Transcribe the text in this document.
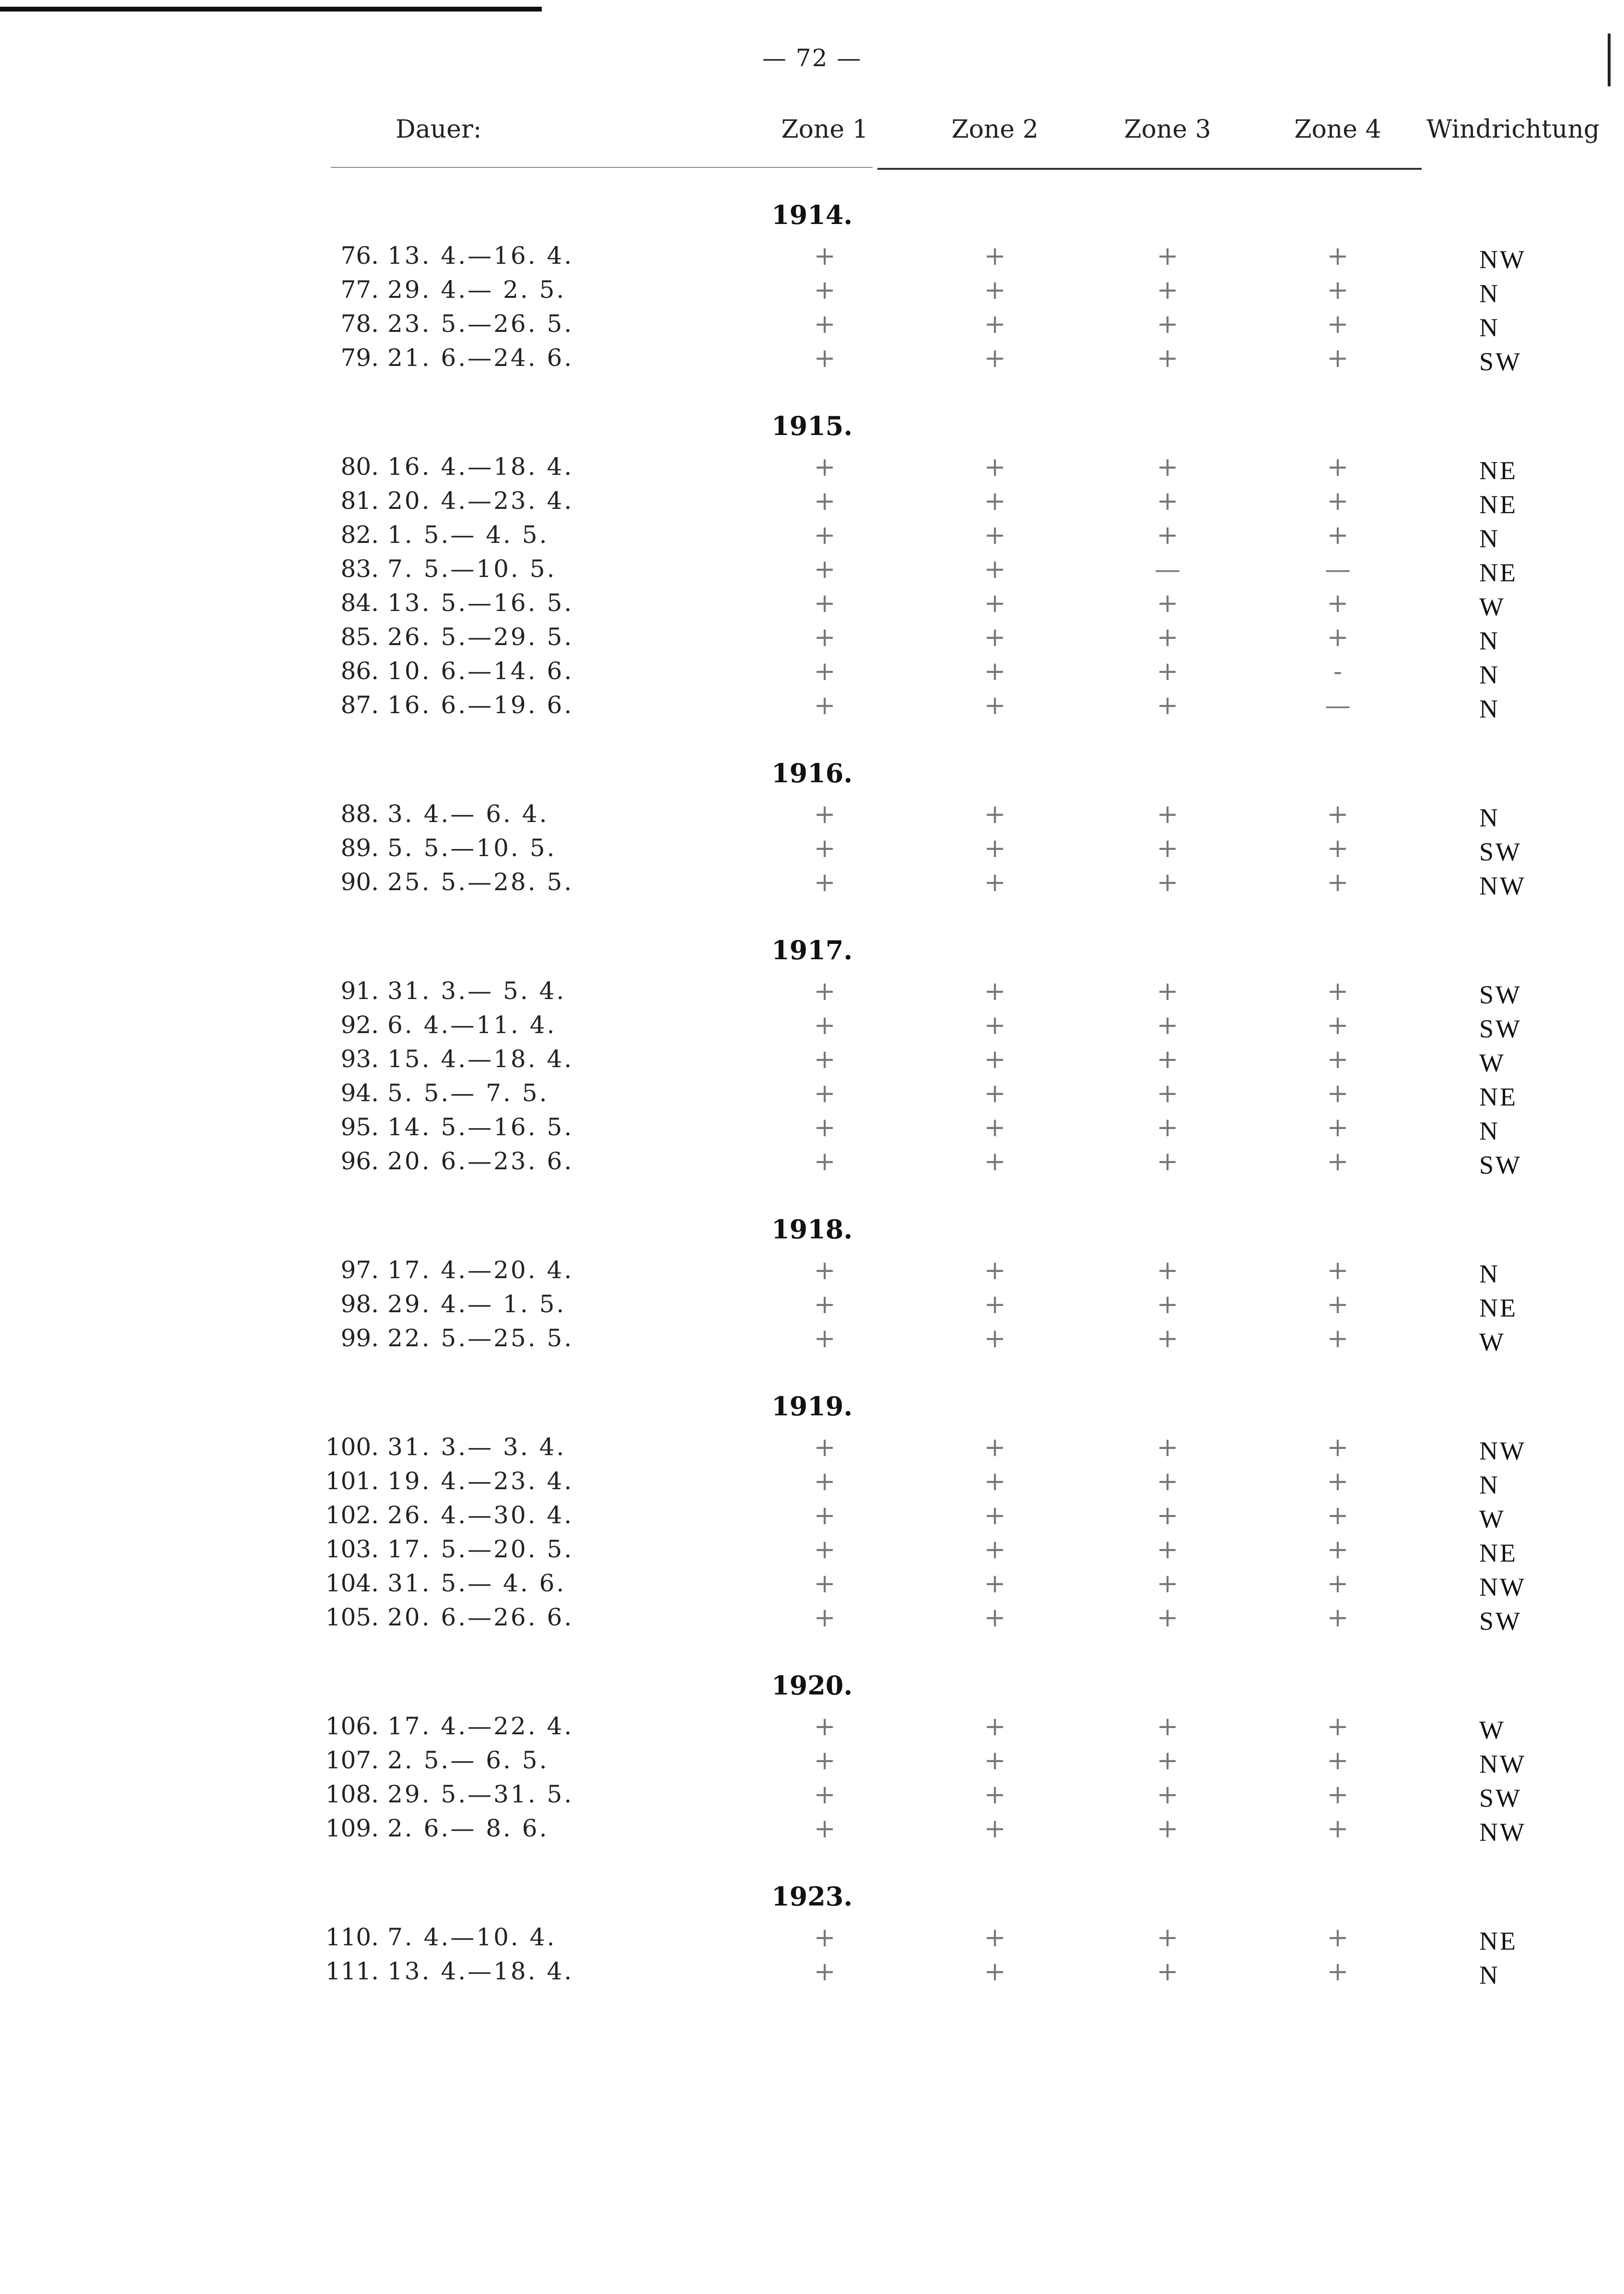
— 72 —
Dauer:	Zone 1	Zone 2	Zone 3	Zone 4 Windrichtung
1914.
76. 13. 4.—16. 4.	+	+	+	+	NW
77. 29. 4.— 2. 5.	+	+	+	+	N
78. 23. 5.—26. 5.	+	+	+	+	N
79. 21. 6.—24. 6.	+	+	+	+	SW
1915.
80. 16. 4.—18. 4.	+	+	+	+	NE
81. 20. 4.—23. 4.	+	+	+	+	NE
82. 1. 5.— 4. 5.	+	+	+	+	N
83. 7. 5.—10. 5.	+	+	—	—	NE
84. 13. 5.—16. 5.	+	+	+	+	W
85. 26. 5.—29. 5.	+	+	+	+	N
86. 10. 6.—14. 6.	+	+	+	-	N
87. 16. 6.—19. 6.	+	+	+	—	N
1916.
88. 3. 4.— 6. 4.	+	+	+	+	N
89. 5. 5.—10. 5.	+	+	+	+	SW
90. 25. 5.—28. 5.	+	+	+	+	NW
1917.
91. 31. 3.— 5. 4.	+	+	+	+	SW
92. 6. 4.—11. 4.	+	+	+	+	SW
93. 15. 4.—18. 4.	+	+	+	+	W
94. 5. 5.— 7. 5.	+	+	+	+	NE
95. 14. 5.—16. 5.	+	+	+	+	N
96. 20. 6.—23. 6.	+	+	+	+	SW
1918.
97. 17. 4.—20. 4.	+	+	+	+	N
98. 29. 4.— 1. 5.	+	+	+	+	NE
99. 22. 5.—25. 5.	+	+	+	+	W
1919.
100. 31. 3.— 3. 4.	+	+	+	+	NW
101. 19. 4.—23. 4.	+	+	+	+	N
102. 26. 4.—30. 4.	+	+	+	+	W
103. 17. 5.—20. 5.	+	+	+	+	NE
104. 31. 5.— 4. 6.	+	+	+	+	NW
105. 20. 6.—26. 6.	+	+	+	+	SW
1920.
106. 17. 4.—22. 4.	+	+	+	+	W
107. 2. 5.— 6. 5.	+	+	+	+	NW
108. 29. 5.—31. 5.	+	+	+	+	SW
109. 2. 6.— 8. 6.	+	+	+	+	NW
1923.
110. 7. 4.—10. 4.	+	+	+	+	NE
111. 13. 4.—18. 4.	+	+	+	+	N
